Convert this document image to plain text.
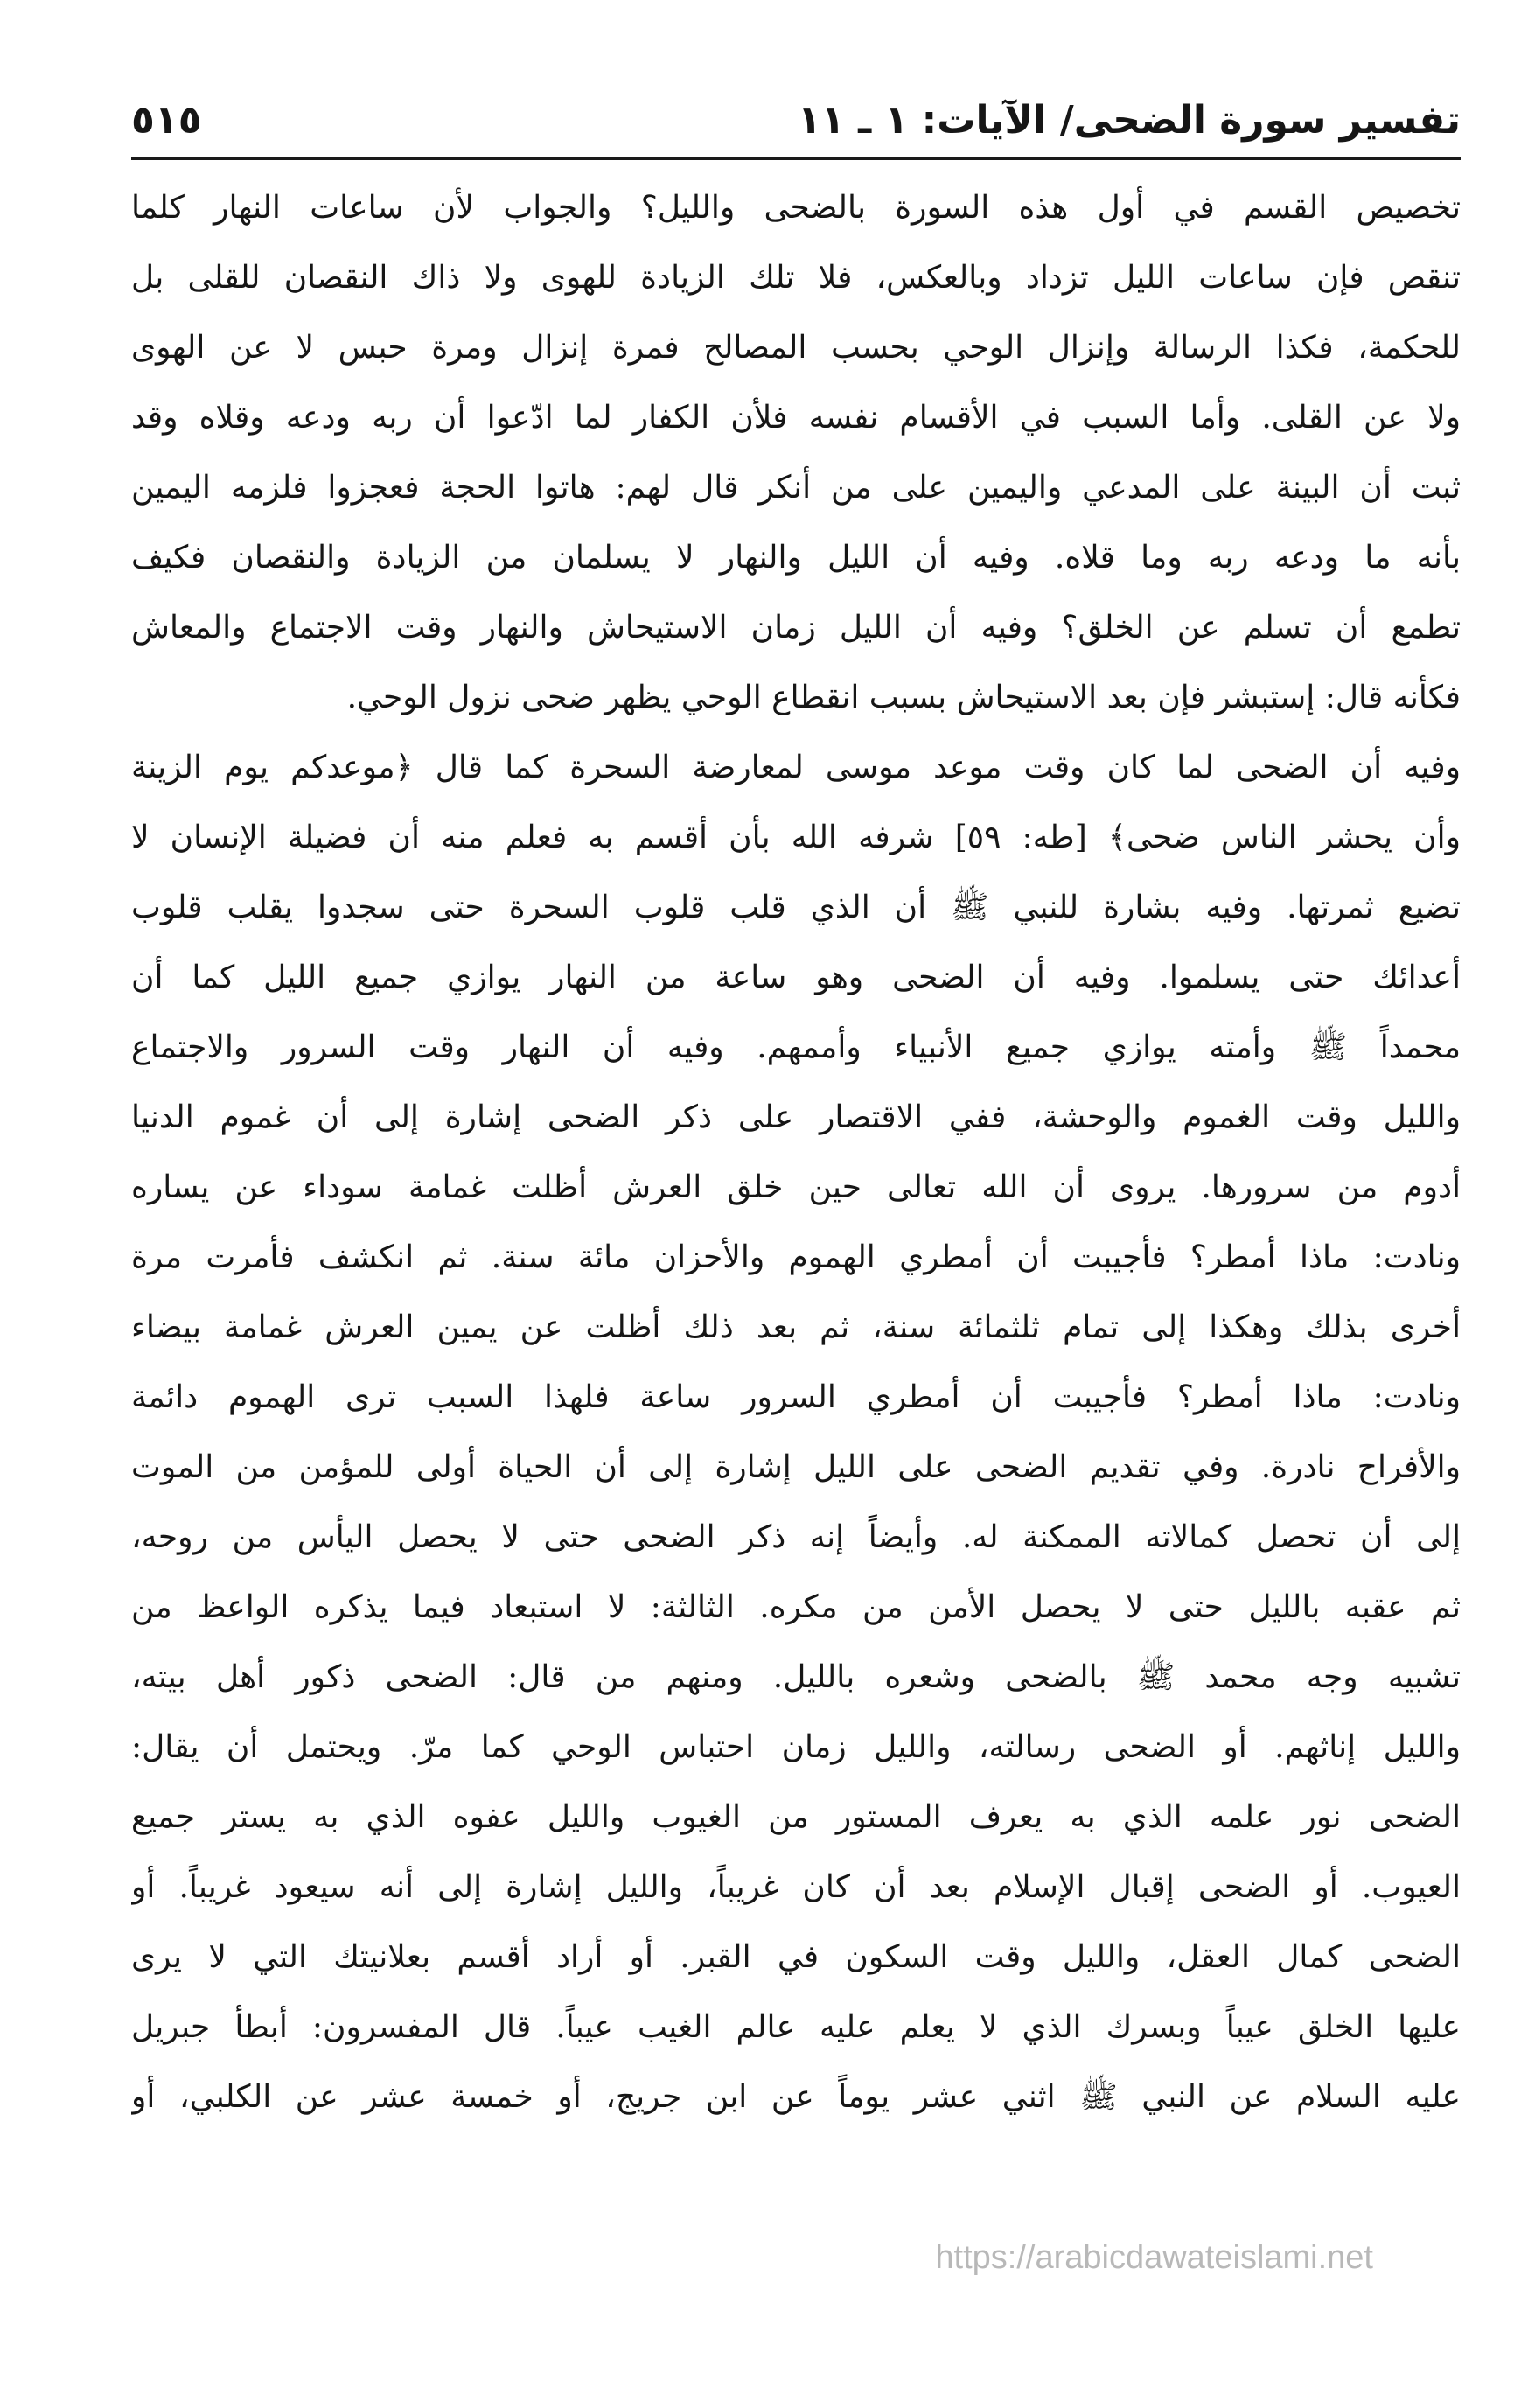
تفسير سورة الضحى/ الآيات: ١ ـ ١١
٥١٥
تخصيص القسم في أول هذه السورة بالضحى والليل؟ والجواب لأن ساعات النهار كلما
تنقص فإن ساعات الليل تزداد وبالعكس، فلا تلك الزيادة للهوى ولا ذاك النقصان للقلى بل
للحكمة، فكذا الرسالة وإنزال الوحي بحسب المصالح فمرة إنزال ومرة حبس لا عن الهوى
ولا عن القلى. وأما السبب في الأقسام نفسه فلأن الكفار لما ادّعوا أن ربه ودعه وقلاه وقد
ثبت أن البينة على المدعي واليمين على من أنكر قال لهم: هاتوا الحجة فعجزوا فلزمه اليمين
بأنه ما ودعه ربه وما قلاه. وفيه أن الليل والنهار لا يسلمان من الزيادة والنقصان فكيف
تطمع أن تسلم عن الخلق؟ وفيه أن الليل زمان الاستيحاش والنهار وقت الاجتماع والمعاش
فكأنه قال: إستبشر فإن بعد الاستيحاش بسبب انقطاع الوحي يظهر ضحى نزول الوحي.
وفيه أن الضحى لما كان وقت موعد موسى لمعارضة السحرة كما قال ﴿موعدكم يوم الزينة
وأن يحشر الناس ضحى﴾ [طه: ٥٩] شرفه الله بأن أقسم به فعلم منه أن فضيلة الإنسان لا
تضيع ثمرتها. وفيه بشارة للنبي ﷺ أن الذي قلب قلوب السحرة حتى سجدوا يقلب قلوب
أعدائك حتى يسلموا. وفيه أن الضحى وهو ساعة من النهار يوازي جميع الليل كما أن
محمداً ﷺ وأمته يوازي جميع الأنبياء وأممهم. وفيه أن النهار وقت السرور والاجتماع
والليل وقت الغموم والوحشة، ففي الاقتصار على ذكر الضحى إشارة إلى أن غموم الدنيا
أدوم من سرورها. يروى أن الله تعالى حين خلق العرش أظلت غمامة سوداء عن يساره
ونادت: ماذا أمطر؟ فأجيبت أن أمطري الهموم والأحزان مائة سنة. ثم انكشف فأمرت مرة
أخرى بذلك وهكذا إلى تمام ثلثمائة سنة، ثم بعد ذلك أظلت عن يمين العرش غمامة بيضاء
ونادت: ماذا أمطر؟ فأجيبت أن أمطري السرور ساعة فلهذا السبب ترى الهموم دائمة
والأفراح نادرة. وفي تقديم الضحى على الليل إشارة إلى أن الحياة أولى للمؤمن من الموت
إلى أن تحصل كمالاته الممكنة له. وأيضاً إنه ذكر الضحى حتى لا يحصل اليأس من روحه،
ثم عقبه بالليل حتى لا يحصل الأمن من مكره. الثالثة: لا استبعاد فيما يذكره الواعظ من
تشبيه وجه محمد ﷺ بالضحى وشعره بالليل. ومنهم من قال: الضحى ذكور أهل بيته،
والليل إناثهم. أو الضحى رسالته، والليل زمان احتباس الوحي كما مرّ. ويحتمل أن يقال:
الضحى نور علمه الذي به يعرف المستور من الغيوب والليل عفوه الذي به يستر جميع
العيوب. أو الضحى إقبال الإسلام بعد أن كان غريباً، والليل إشارة إلى أنه سيعود غريباً. أو
الضحى كمال العقل، والليل وقت السكون في القبر. أو أراد أقسم بعلانيتك التي لا يرى
عليها الخلق عيباً وبسرك الذي لا يعلم عليه عالم الغيب عيباً. قال المفسرون: أبطأ جبريل
عليه السلام عن النبي ﷺ اثني عشر يوماً عن ابن جريج، أو خمسة عشر عن الكلبي، أو
https://arabicdawateislami.net
